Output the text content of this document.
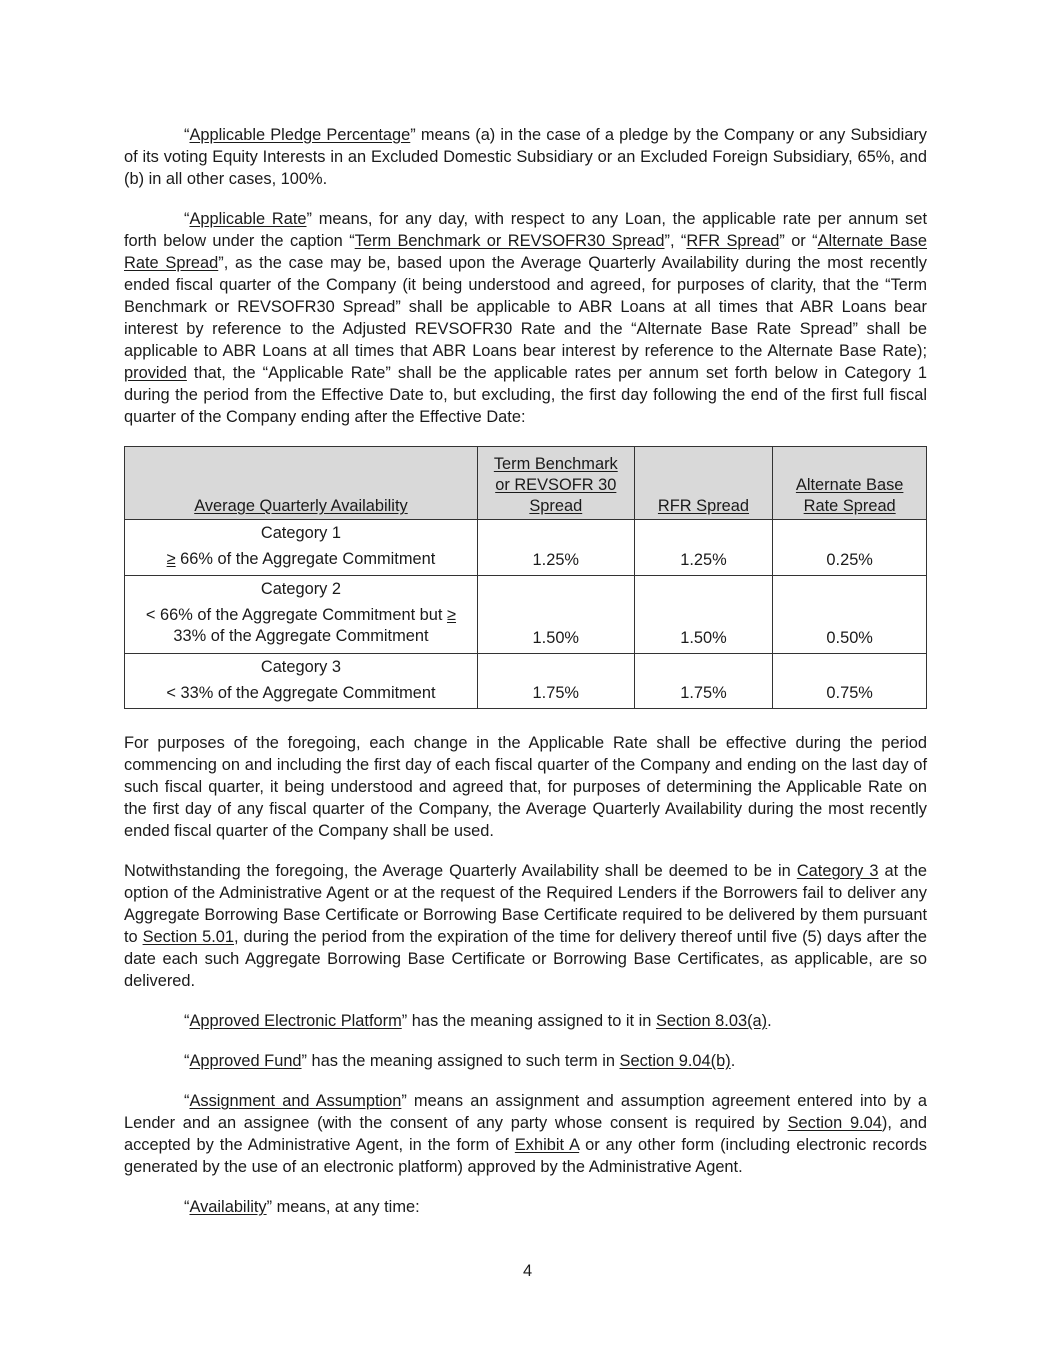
“Applicable Pledge Percentage” means (a) in the case of a pledge by the Company or any Subsidiary of its voting Equity Interests in an Excluded Domestic Subsidiary or an Excluded Foreign Subsidiary, 65%, and (b) in all other cases, 100%.

“Applicable Rate” means, for any day, with respect to any Loan, the applicable rate per annum set forth below under the caption “Term Benchmark or REVSOFR30 Spread”, “RFR Spread” or “Alternate Base Rate Spread”, as the case may be, based upon the Average Quarterly Availability during the most recently ended fiscal quarter of the Company (it being understood and agreed, for purposes of clarity, that the “Term Benchmark or REVSOFR30 Spread” shall be applicable to ABR Loans at all times that ABR Loans bear interest by reference to the Adjusted REVSOFR30 Rate and the “Alternate Base Rate Spread” shall be applicable to ABR Loans at all times that ABR Loans bear interest by reference to the Alternate Base Rate); provided that, the “Applicable Rate” shall be the applicable rates per annum set forth below in Category 1 during the period from the Effective Date to, but excluding, the first day following the end of the first full fiscal quarter of the Company ending after the Effective Date:

Average Quarterly Availability	Term Benchmark
or REVSOFR 30
Spread	RFR Spread	Alternate Base
Rate Spread

Category 1
≥ 66% of the Aggregate Commitment	1.25%	1.25%	0.25%

Category 2
< 66% of the Aggregate Commitment but ≥
33% of the Aggregate Commitment	1.50%	1.50%	0.50%

Category 3
< 33% of the Aggregate Commitment	1.75%	1.75%	0.75%

For purposes of the foregoing, each change in the Applicable Rate shall be effective during the period commencing on and including the first day of each fiscal quarter of the Company and ending on the last day of such fiscal quarter, it being understood and agreed that, for purposes of determining the Applicable Rate on the first day of any fiscal quarter of the Company, the Average Quarterly Availability during the most recently ended fiscal quarter of the Company shall be used.

Notwithstanding the foregoing, the Average Quarterly Availability shall be deemed to be in Category 3 at the option of the Administrative Agent or at the request of the Required Lenders if the Borrowers fail to deliver any Aggregate Borrowing Base Certificate or Borrowing Base Certificate required to be delivered by them pursuant to Section 5.01, during the period from the expiration of the time for delivery thereof until five (5) days after the date each such Aggregate Borrowing Base Certificate or Borrowing Base Certificates, as applicable, are so delivered.

“Approved Electronic Platform” has the meaning assigned to it in Section 8.03(a).

“Approved Fund” has the meaning assigned to such term in Section 9.04(b).

“Assignment and Assumption” means an assignment and assumption agreement entered into by a Lender and an assignee (with the consent of any party whose consent is required by Section 9.04), and accepted by the Administrative Agent, in the form of Exhibit A or any other form (including electronic records generated by the use of an electronic platform) approved by the Administrative Agent.

“Availability” means, at any time:

4
